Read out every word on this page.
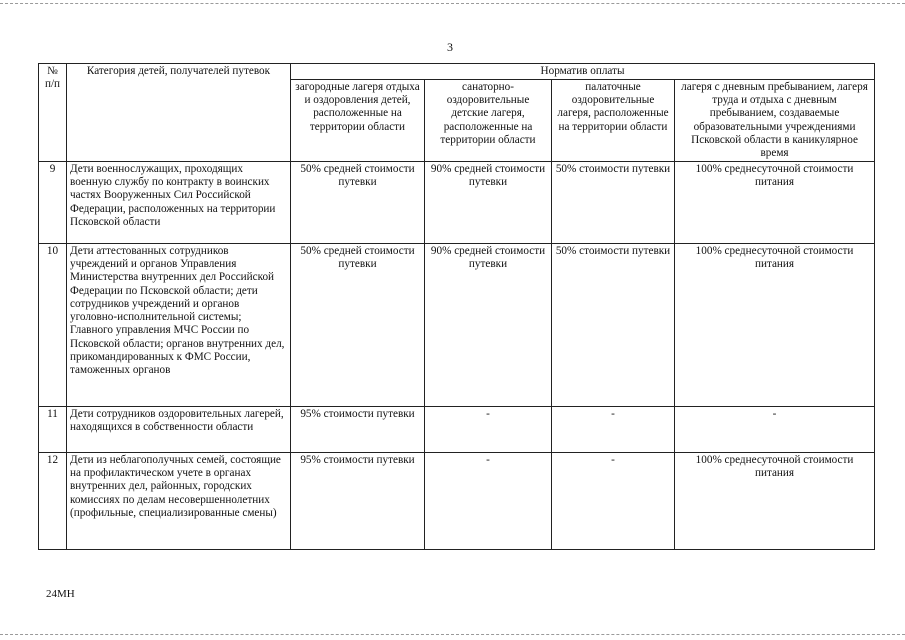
3
№ п/п	Категория детей, получателей путевок	Норматив оплаты			
		загородные лагеря отдыха и оздоровления детей, расположенные на территории области	санаторно-оздоровительные детские лагеря, расположенные на территории области	палаточные оздоровительные лагеря, расположенные на территории области	лагеря с дневным пребыванием, лагеря труда и отдыха с дневным пребыванием, создаваемые образовательными учреждениями Псковской области в каникулярное время
9	Дети военнослужащих, проходящих военную службу по контракту в воинских частях Вооруженных Сил Российской Федерации, расположенных на территории Псковской области	50% средней стоимости путевки	90% средней стоимости путевки	50% стоимости путевки	100% среднесуточной стоимости питания
10	Дети аттестованных сотрудников учреждений и органов Управления Министерства внутренних дел Российской Федерации по Псковской области; дети сотрудников учреждений и органов уголовно-исполнительной системы; Главного управления МЧС России по Псковской области; органов внутренних дел, прикомандированных к ФМС России, таможенных органов	50% средней стоимости путевки	90% средней стоимости путевки	50% стоимости путевки	100% среднесуточной стоимости питания
11	Дети сотрудников оздоровительных лагерей, находящихся в собственности области	95% стоимости путевки	-	-	-
12	Дети из неблагополучных семей, состоящие на профилактическом учете в органах внутренних дел, районных, городских комиссиях по делам несовершеннолетних (профильные, специализированные смены)	95% стоимости путевки	-	-	100% среднесуточной стоимости питания
24МН
